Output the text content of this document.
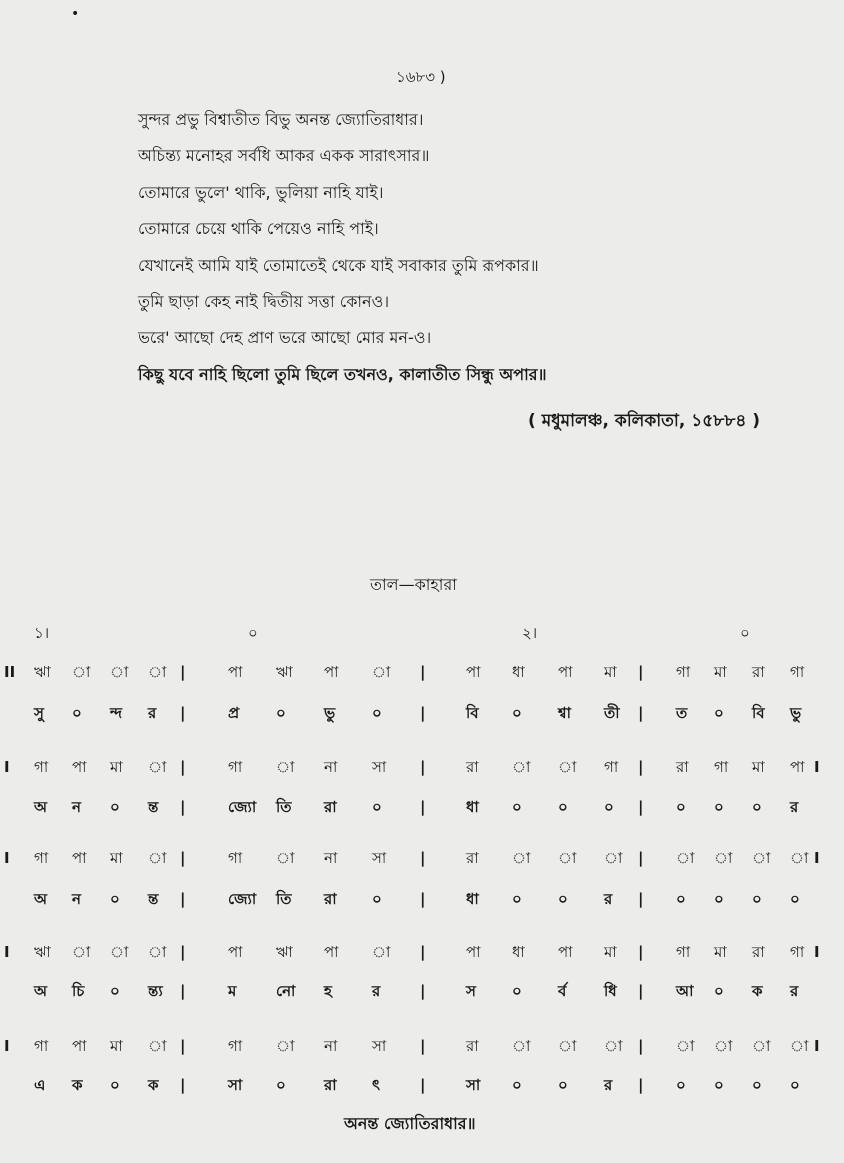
•
১৬৮৩ )
সুন্দর প্রভু বিশ্বাতীত বিভু অনন্ত জ্যোতিরাধার।
অচিন্ত্য মনোহর সর্বধি আকর একক সারাৎসার॥
তোমারে ভুলে' থাকি, ভুলিয়া নাহি যাই।
তোমারে চেয়ে থাকি পেয়েও নাহি পাই।
যেখানেই আমি যাই তোমাতেই থেকে যাই সবাকার তুমি রূপকার॥
তুমি ছাড়া কেহ নাই দ্বিতীয় সত্তা কোনও।
ভরে' আছো দেহ প্রাণ ভরে আছো মোর মন-ও।
কিছু যবে নাহি ছিলো তুমি ছিলে তখনও, কালাতীত সিন্ধু অপার॥
( মধুমালঞ্চ, কলিকাতা, ১৫৮৮৪ )
তাল—কাহারা
১।	০	২।	০
II ঋা া া া |	পা ঋা পা া |	পা ধা পা মা | গা মা রা গা
সু ০ ন্দ র |	প্র ০	ভু ০	|	বি ০ শ্বা তী | ত ০ বি ভু
I গা পা মা া |	গা া না সা |	রা া া গা | রা গা মা পা I
অ ন ০ ন্ত |	জ্যো তি রা ০	|	ধা ০ ০ ০ | ০ ০ ০ র
I গা পা মা া |	গা া না সা |	রা া া া | া া া া I
অ ন ০ ন্ত |	জ্যো তি রা ০	|	ধা ০ ০ র | ০ ০ ০ ০
I ঋা া া া |	পা ঋা পা া |	পা ধা পা মা | গা মা রা গা I
অ চি ০ ন্ত্য |	ম	নো হ	র	|	স ০ র্ব	ধি | আ ০ ক র
I গা পা মা া |	গা া না সা |	রা া া া | া া া া I
এ ক ০ ক |	সা ০	রা ৎ	|	সা ০ ০ র | ০ ০ ০ ০
অনন্ত জ্যোতিরাধার॥
